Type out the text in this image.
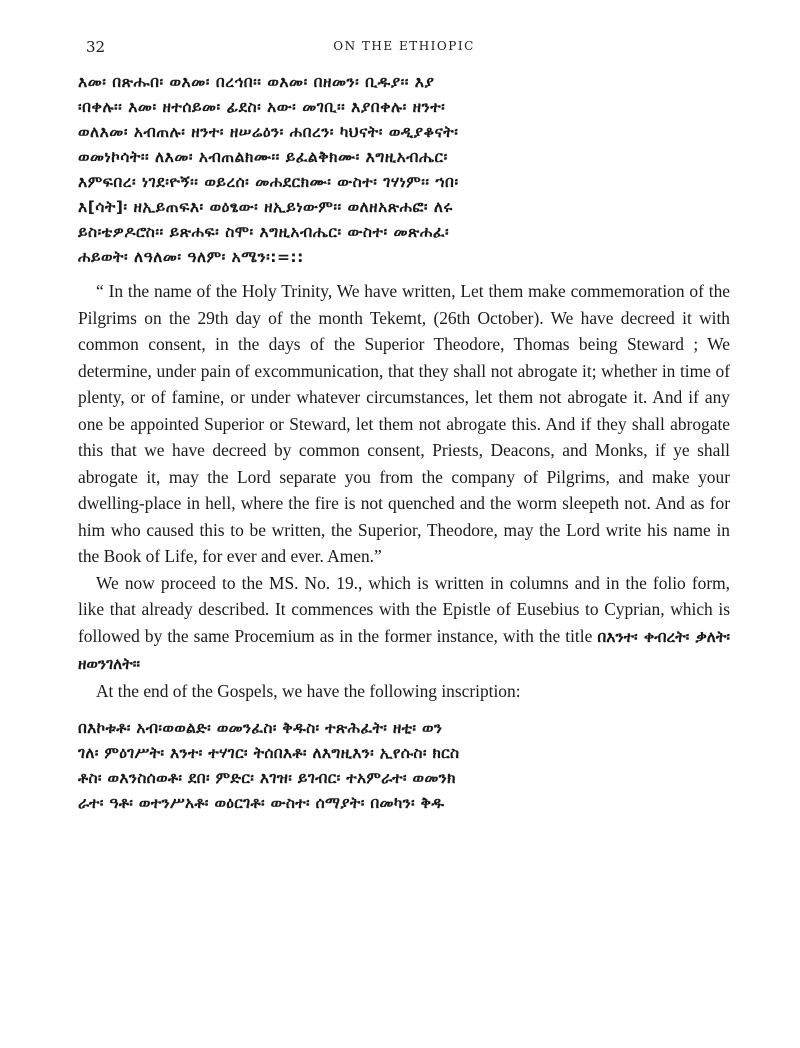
32	ON THE ETHIOPIC
እመ፡ በጽሑበ፡ ወእመ፡ በረኅበ፡፡ ወእመ፡ በዘመን፡ ቢዱያ፡፡ እያ
፡በቀሉ፡፡ እመ፡ ዘተሰይመ፡ ፊደስ፡ አው፡ መገቢ፡፡ እያበቀሉ፡ ዘንተ፡
ወለእመ፡ አብጠሉ፡ ዘንተ፡ ዘሠሬዕን፡ ሐበረን፡ ካህናት፡ ወዲያቆናት፡
ወመነኮሳት፡፡ ለእመ፡ አብጠልክሙ፡፡ ይፈልቅክሙ፡ እግዚአብሔር፡
እምፍበረ፡ ነገደ፡ዮኝ፡፡ ወይረሰ፡ መሐደርክሙ፡ ውስተ፡ ገሃነም፡፡ ኀበ፡
እ[ሳት]፡ ዘኢይጠፍእ፡ ወዕፄው፡ ዘኢይነውም፡፡ ወለዘአጽሐፎ፡ ለሩ
ይስ፡ቴዎዶሮስ፡፡ ይጽሐፍ፡ ስሞ፡ እግዚአብሔር፡ ውስተ፡ መጽሐፈ፡
ሐይወት፡ ለዓለመ፡ ዓለም፡ አሜን፡:=::

“ In the name of the Holy Trinity, We have written, Let them make commemoration of the Pilgrims on the 29th day of the month Tekemt, (26th October). We have decreed it with common consent, in the days of the Superior Theodore, Thomas being Steward ; We determine, under pain of excommunication, that they shall not abrogate it; whether in time of plenty, or of famine, or under whatever circumstances, let them not abrogate it. And if any one be appointed Superior or Steward, let them not abrogate this. And if they shall abrogate this that we have decreed by common consent, Priests, Deacons, and Monks, if ye shall abrogate it, may the Lord separate you from the company of Pilgrims, and make your dwelling-place in hell, where the fire is not quenched and the worm sleepeth not. And as for him who caused this to be written, the Superior, Theodore, may the Lord write his name in the Book of Life, for ever and ever. Amen.”

We now proceed to the MS. No. 19., which is written in columns and in the folio form, like that already described. It commences with the Epistle of Eusebius to Cyprian, which is followed by the same Procemium as in the former instance, with the title በእንተ፡ ቀብረት፡ ቃለት፡ ዘወንገለት፡፡

At the end of the Gospels, we have the following inscription:

በእኮቱቶ፡ አብ፡ወወልድ፡ ወመንፈስ፡ ቅዱስ፡ ተጽሕፈት፡ ዘቲ፡ ወን
ገለ፡ ምዕገሥት፡ እንተ፡ ተሃገር፡ ትሰበእቶ፡ ለእግዚእን፡ ኢየሱስ፡ ክርስ
ቶስ፡ ወእንስሰወቶ፡ ደበ፡ ምድር፡ እገዝ፡ ይገብር፡ ተአምራተ፡ ወመንክ
ራተ፡ ዓቶ፡ ወተንሥአቶ፡ ወዕርገቶ፡ ውስተ፡ ሰማያት፡ በመካን፡ ቅዱ
